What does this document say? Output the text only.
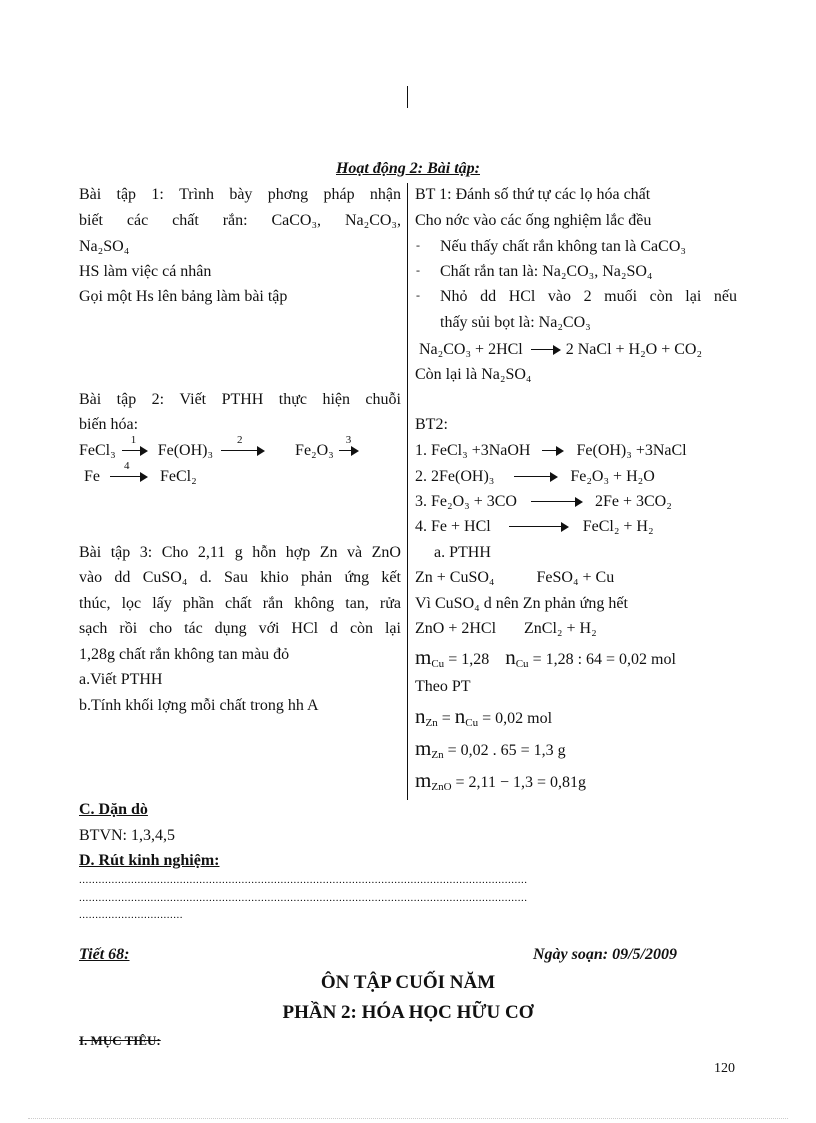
Hoạt động 2: Bài tập:
Bài tập 1: Trình bày phơng pháp nhận
biết các chất rắn: CaCO₃, Na₂CO₃,
Na₂SO₄
HS làm việc cá nhân
Gọi một Hs lên bảng làm bài tập
Bài tập 2: Viết PTHH thực hiện chuỗi
biến hóa:
FeCl₃
1
Fe(OH)₃
2
Fe₂O₃
3
Fe
4
FeCl₂
Bài tập 3: Cho 2,11 g hỗn hợp Zn và ZnO
vào dd CuSO₄ d. Sau khio phản ứng kết
thúc, lọc lấy phần chất rắn không tan, rửa
sạch rồi cho tác dụng với HCl d còn lại
1,28g chất rắn không tan màu đỏ
a.Viết PTHH
b.Tính khối lợng mỗi chất trong hh A
BT 1: Đánh số thứ tự các lọ hóa chất
Cho nớc vào các ống nghiệm lắc đều
- Nếu thấy chất rắn không tan là CaCO₃
- Chất rắn tan là: Na₂CO₃, Na₂SO₄
- Nhỏ dd HCl vào 2 muối còn lại nếu
thấy sủi bọt là: Na₂CO₃
Na₂CO₃ + 2HCl	2 NaCl + H₂O + CO₂
Còn lại là Na₂SO₄
BT2:
1. FeCl₃ +3NaOH	Fe(OH)₃ +3NaCl
2. 2Fe(OH)₃	Fe₂O₃ + H₂O
3. Fe₂O₃ + 3CO	2Fe + 3CO₂
4. Fe + HCl	FeCl₂ + H₂
a. PTHH
Zn + CuSO₄	FeSO₄ + Cu
Vì CuSO₄ d nên Zn phản ứng hết
ZnO + 2HCl ZnCl₂ + H₂
$m_{Cu} = 1,28$ $n_{Cu} = 1,28$ : 64 = 0,02 mol
Theo PT
$n_{Zn} = n_{Cu} = 0,02$ mol
$m_{Zn} = 0,02$ . 65 = 1,3 g
$m_{ZnO} = 2,11 - 1,3 = 0,81g$
C. Dặn dò
BTVN: 1,3,4,5
D. Rút kinh nghiệm:
..........................................................................................................................................
..........................................................................................................................................
................................
Tiết 68:	Ngày soạn: 09/5/2009
ÔN TẬP CUỐI NĂM
PHẦN 2: HÓA HỌC HỮU CƠ
I. MỤC TIÊU:
120
